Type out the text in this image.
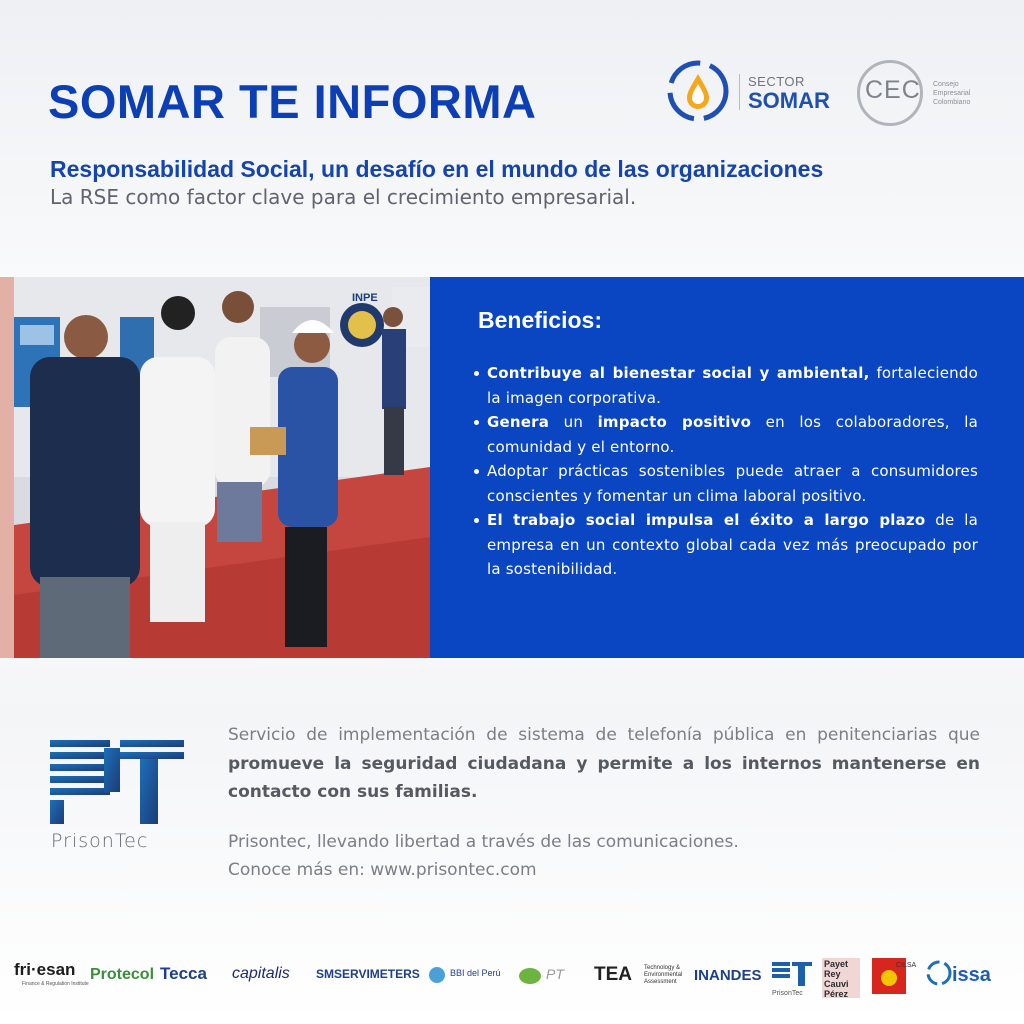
SOMAR TE INFORMA	SECTOR
SOMAR CEC Consejo
Empresarial
Colombiano
Responsabilidad Social, un desafío en el mundo de las organizaciones
La RSE como factor clave para el crecimiento empresarial.
INPE
Beneficios:
Contribuye al bienestar social y ambiental, fortaleciendo la imagen corporativa.
Genera un impacto positivo en los colaboradores, la comunidad y el entorno.
Adoptar prácticas sostenibles puede atraer a consumidores conscientes y fomentar un clima laboral positivo.
El trabajo social impulsa el éxito a largo plazo de la empresa en un contexto global cada vez más preocupado por la sostenibilidad.
PrisonTec
Servicio de implementación de sistema de telefonía pública en penitenciarias que promueve la seguridad ciudadana y permite a los internos mantenerse en contacto con sus familias.
Prisontec, llevando libertad a través de las comunicaciones.
Conoce más en: www.prisontec.com
fri·esan
Finance & Regulation Institute
Protecol Tecca capitalis SMSERVIMETERS	BBI del Perú	PT TEA Technology &
Environmental
Assessment	INANDES
PrisonTec
Payet
Rey
Cauvi
Pérez
CILSA issa
